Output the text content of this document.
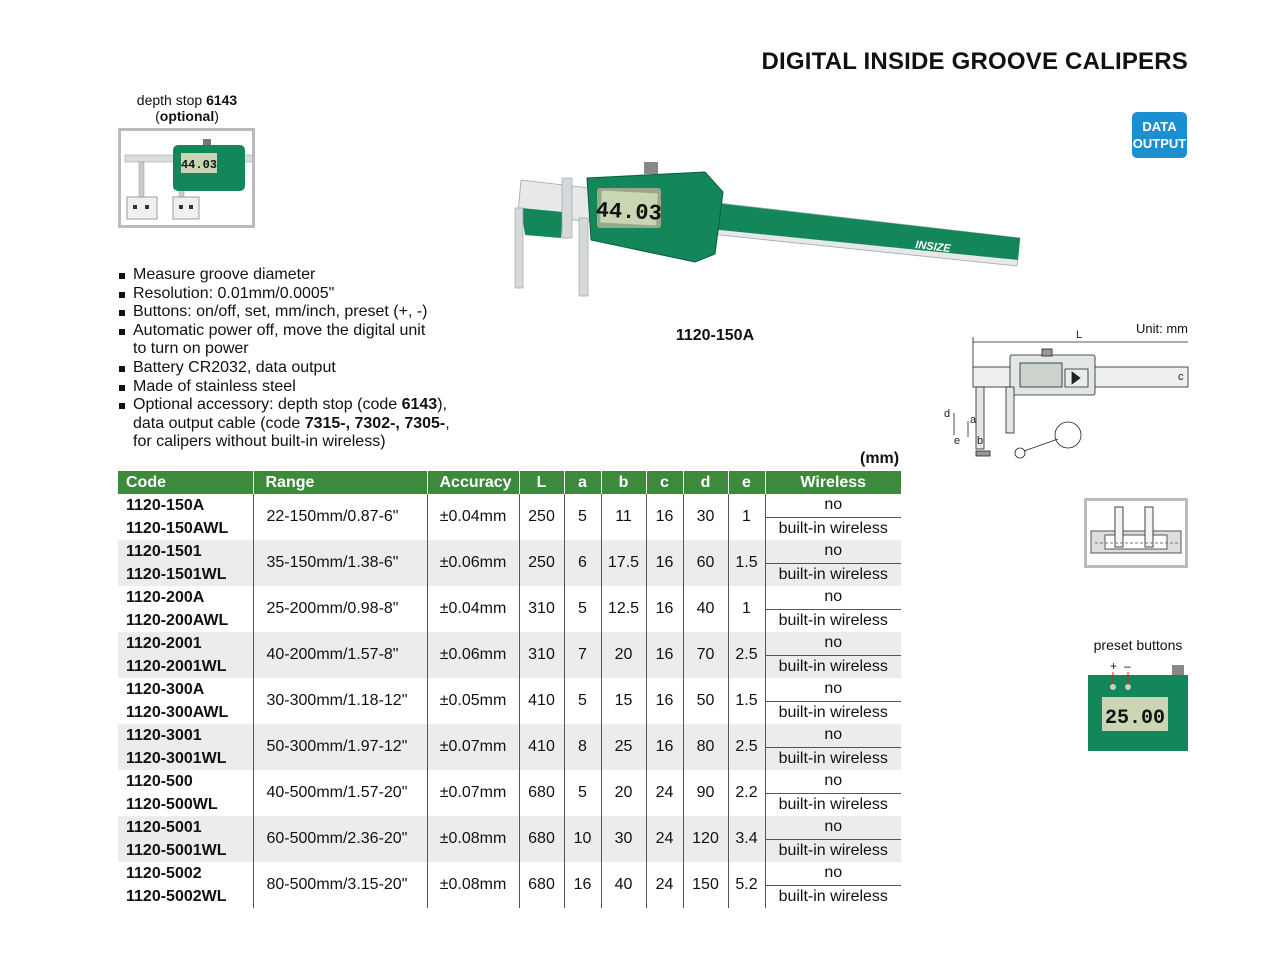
DIGITAL INSIDE GROOVE CALIPERS
DATA
OUTPUT
depth stop 6143
(optional)
44.03
INSIZE
44.03
1120-150A
Measure groove diameter
Resolution: 0.01mm/0.0005"
Buttons: on/off, set, mm/inch, preset (+, -)
Automatic power off, move the digital unit
to turn on power
Battery CR2032, data output
Made of stainless steel
Optional accessory: depth stop (code 6143),
data output cable (code 7315-, 7302-, 7305-,
for calipers without built-in wireless)
Unit: mm
L
c
d a
e b
preset buttons
+ –
25.00
(mm)
Code	Range	Accuracy	L	a	b	c	d	e	Wireless
1120-150A	22-150mm/0.87-6"	±0.04mm	250	5	11	16	30	1	no
1120-150AWL									built-in wireless
1120-1501	35-150mm/1.38-6"	±0.06mm	250	6	17.5	16	60	1.5	no
1120-1501WL									built-in wireless
1120-200A	25-200mm/0.98-8"	±0.04mm	310	5	12.5	16	40	1	no
1120-200AWL									built-in wireless
1120-2001	40-200mm/1.57-8"	±0.06mm	310	7	20	16	70	2.5	no
1120-2001WL									built-in wireless
1120-300A	30-300mm/1.18-12"	±0.05mm	410	5	15	16	50	1.5	no
1120-300AWL									built-in wireless
1120-3001	50-300mm/1.97-12"	±0.07mm	410	8	25	16	80	2.5	no
1120-3001WL									built-in wireless
1120-500	40-500mm/1.57-20"	±0.07mm	680	5	20	24	90	2.2	no
1120-500WL									built-in wireless
1120-5001	60-500mm/2.36-20"	±0.08mm	680	10	30	24	120	3.4	no
1120-5001WL									built-in wireless
1120-5002	80-500mm/3.15-20"	±0.08mm	680	16	40	24	150	5.2	no
1120-5002WL									built-in wireless
